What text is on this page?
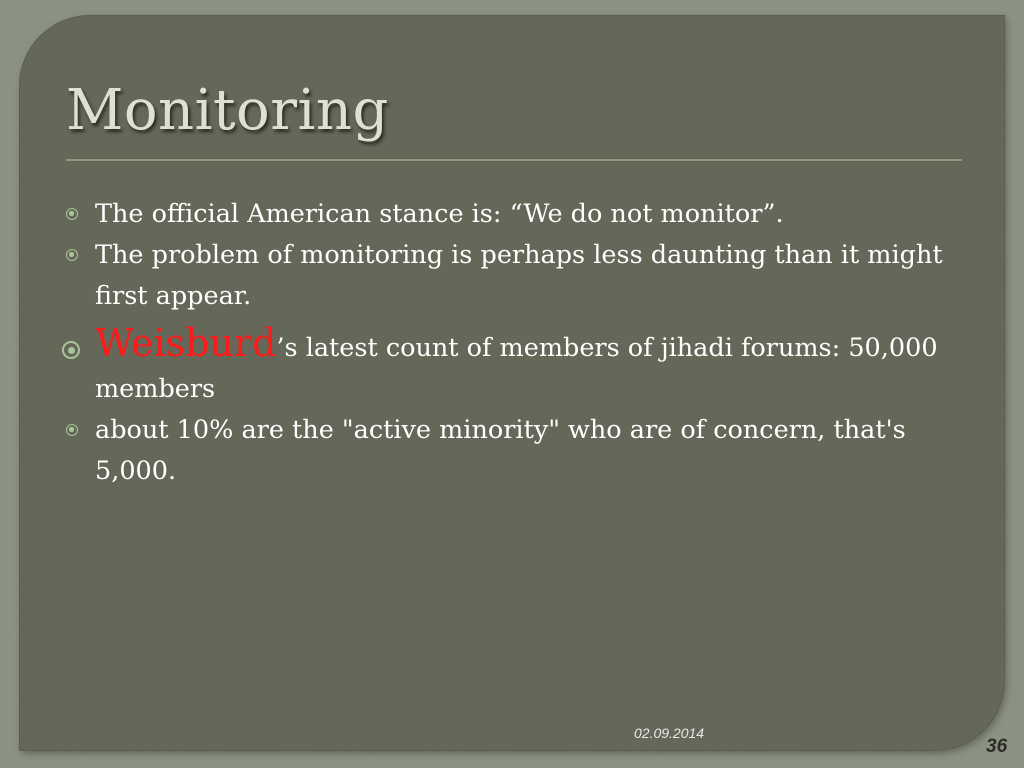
Monitoring
The official American stance is: “We do not monitor”.
The problem of monitoring is perhaps less daunting than it might first appear.
Weisburd’s latest count of members of jihadi forums: 50,000 members
about 10% are the "active minority" who are of concern, that's 5,000.
02.09.2014
36
